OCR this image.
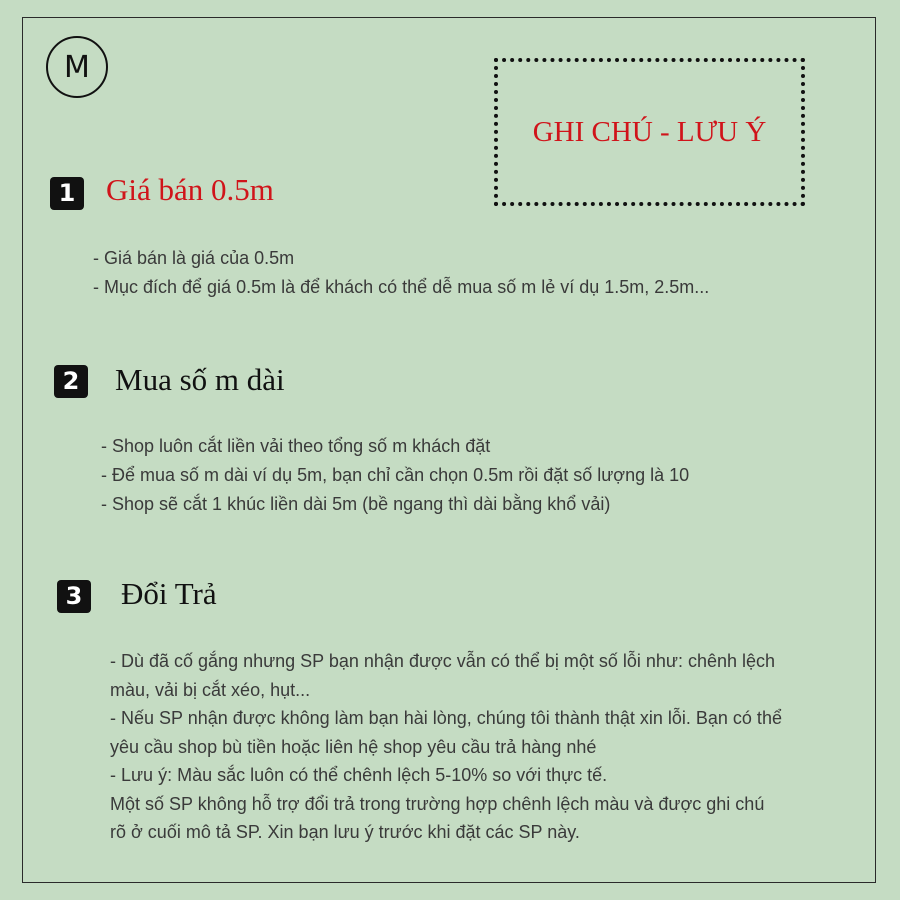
M
GHI CHÚ - LƯU Ý
1 Giá bán 0.5m
- Giá bán là giá của 0.5m
- Mục đích để giá 0.5m là để khách có thể dễ mua số m lẻ ví dụ 1.5m, 2.5m...
2 Mua số m dài
- Shop luôn cắt liền vải theo tổng số m khách đặt
- Để mua số m dài ví dụ 5m, bạn chỉ cần chọn 0.5m rồi đặt số lượng là 10
- Shop sẽ cắt 1 khúc liền dài 5m (bề ngang thì dài bằng khổ vải)
3 Đổi Trả
- Dù đã cố gắng nhưng SP bạn nhận được vẫn có thể bị một số lỗi như: chênh lệch
màu, vải bị cắt xéo, hụt...
- Nếu SP nhận được không làm bạn hài lòng, chúng tôi thành thật xin lỗi. Bạn có thể
yêu cầu shop bù tiền hoặc liên hệ shop yêu cầu trả hàng nhé
- Lưu ý: Màu sắc luôn có thể chênh lệch 5-10% so với thực tế.
Một số SP không hỗ trợ đổi trả trong trường hợp chênh lệch màu và được ghi chú
rõ ở cuối mô tả SP. Xin bạn lưu ý trước khi đặt các SP này.
